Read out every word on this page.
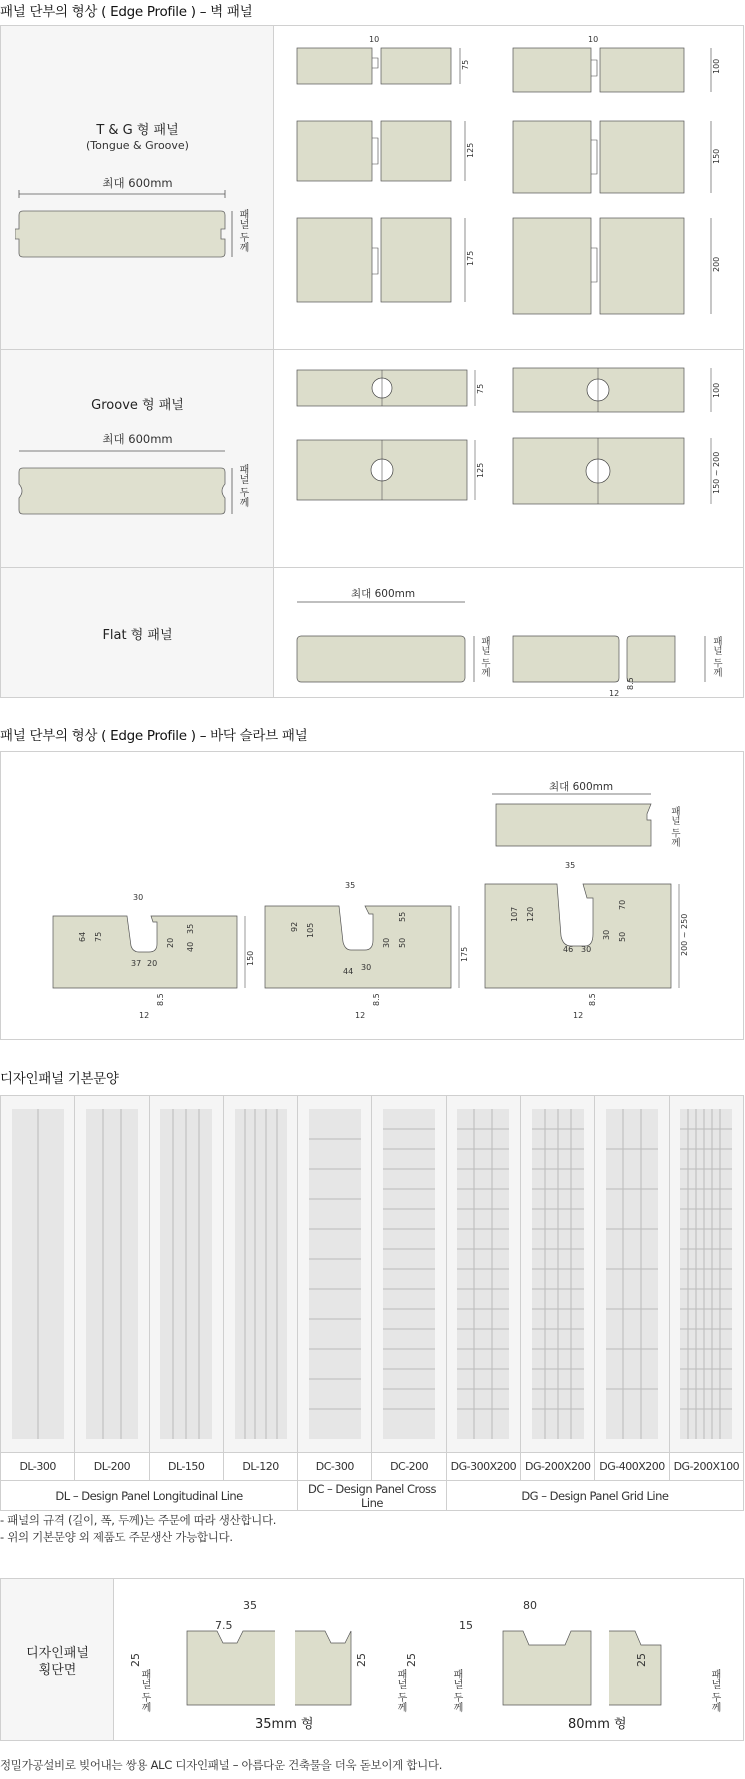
패널 단부의 형상 ( Edge Profile ) – 벽 패널
T & G 형 패널
(Tongue & Groove)
최대 600mm
패널 두께
10	10
75	100
125	150
175	200
Groove 형 패널
최대 600mm
패널 두께
75	100
125	150 ~ 200
Flat 형 패널
최대 600mm
8.5
12
패널 두께	패널 두께
패널 단부의 형상 ( Edge Profile ) – 바닥 슬라브 패널
최대 600mm
패널 두께
30
64 75
20
35
40
37 20	150
8.5
12
35
92 105
55
30 50
44 30
175
8.5
12
35
107 120
70
30 50
46 30	200 ~ 250
8.5
12
디자인패널 기본문양

DL-300	DL-200	DL-150	DL-120	DC-300	DC-200	DG-300X200	DG-200X200	DG-400X200	DG-200X100
DL – Design Panel Longitudinal Line				DC – Design Panel Cross Line		DG – Design Panel Grid Line			
- 패널의 규격 (길이, 폭, 두께)는 주문에 따라 생산합니다.
- 위의 기본문양 외 제품도 주문생산 가능합니다.
디자인패널
횡단면
35
7.5
25	25
80
15
25	25
패널 두께	패널 두께	패널 두께	패널 두께
35mm 형	80mm 형
정밀가공설비로 빚어내는 쌍용 ALC 디자인패널 – 아름다운 건축물을 더욱 돋보이게 합니다.
